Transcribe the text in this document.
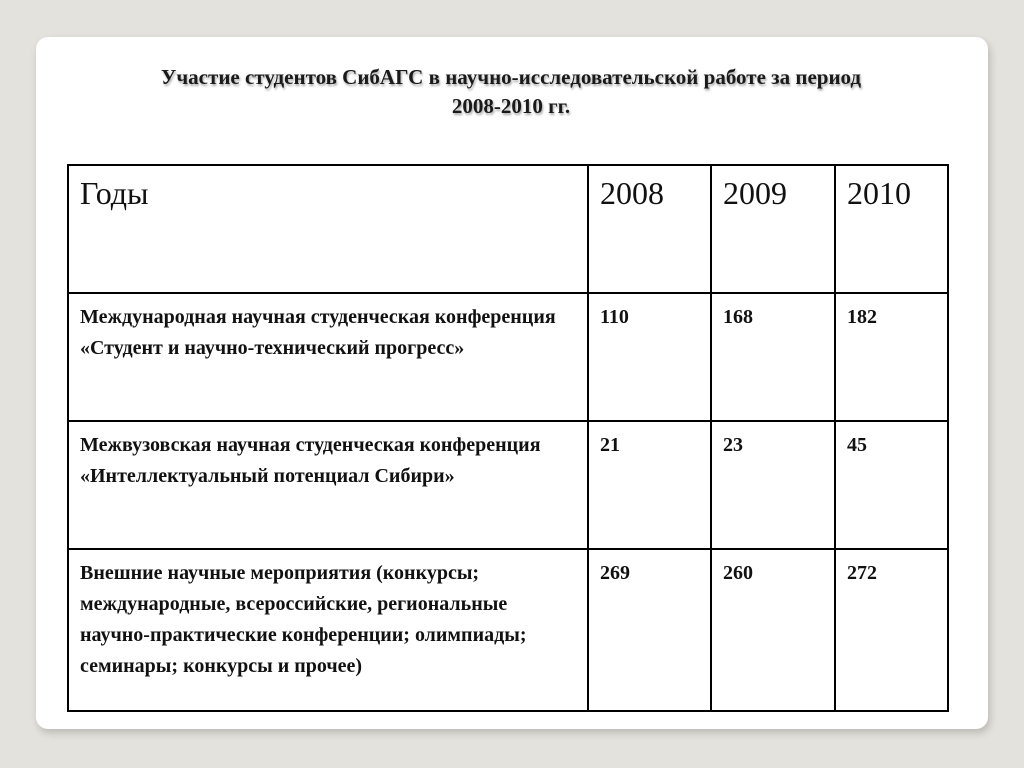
Участие студентов СибАГС в научно-исследовательской работе за период
2008-2010 гг.
Годы	2008	2009	2010
Международная научная студенческая конференция «Студент и научно-технический прогресс»	110	168	182
Межвузовская научная студенческая конференция «Интеллектуальный потенциал Сибири»	21	23	45
Внешние научные мероприятия (конкурсы; международные, всероссийские, региональные научно-практические конференции; олимпиады; семинары; конкурсы и прочее)	269	260	272
